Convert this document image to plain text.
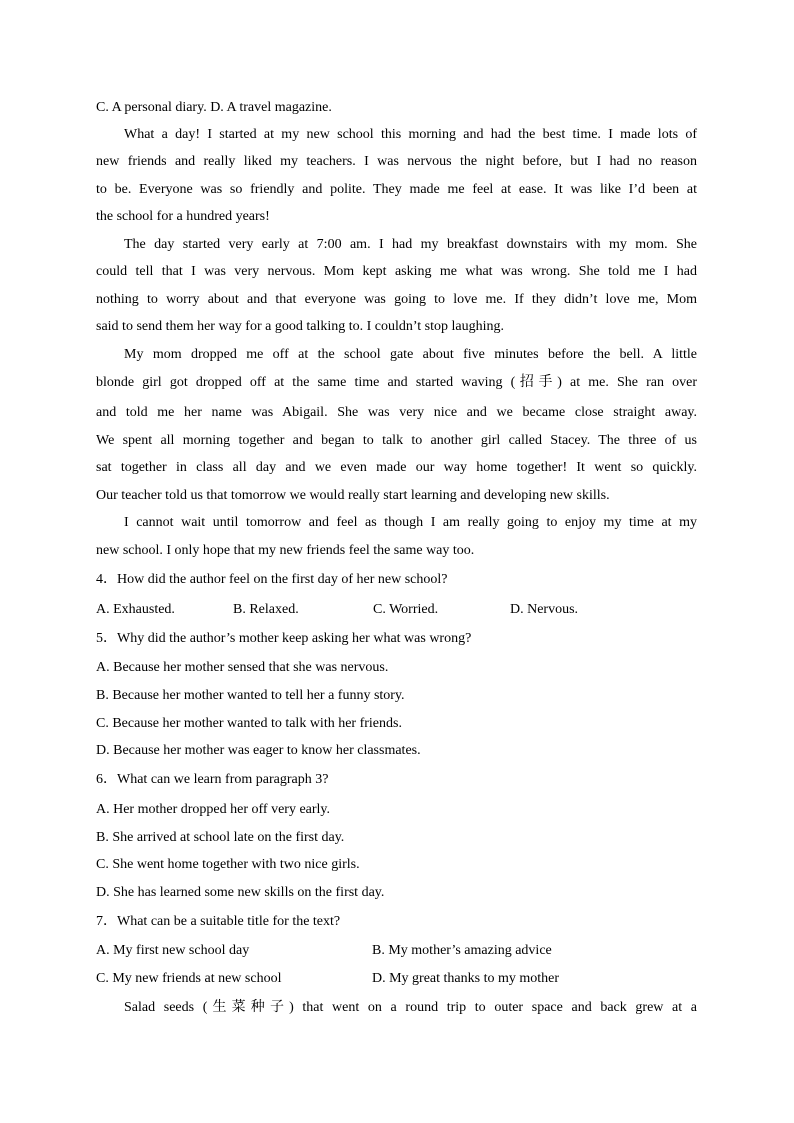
C. A personal diary. D. A travel magazine.
What a day! I started at my new school this morning and had the best time. I made lots of
new friends and really liked my teachers. I was nervous the night before, but I had no reason
to be. Everyone was so friendly and polite. They made me feel at ease. It was like I’d been at
the school for a hundred years!
The day started very early at 7:00 am. I had my breakfast downstairs with my mom. She
could tell that I was very nervous. Mom kept asking me what was wrong. She told me I had
nothing to worry about and that everyone was going to love me. If they didn’t love me, Mom
said to send them her way for a good talking to. I couldn’t stop laughing.
My mom dropped me off at the school gate about five minutes before the bell. A little
blonde girl got dropped off at the same time and started waving (招手) at me. She ran over
and told me her name was Abigail. She was very nice and we became close straight away.
We spent all morning together and began to talk to another girl called Stacey. The three of us
sat together in class all day and we even made our way home together! It went so quickly.
Our teacher told us that tomorrow we would really start learning and developing new skills.
I cannot wait until tomorrow and feel as though I am really going to enjoy my time at my
new school. I only hope that my new friends feel the same way too.
4．How did the author feel on the first day of her new school?
A. Exhausted.	B. Relaxed.	C. Worried.	D. Nervous.
5．Why did the author’s mother keep asking her what was wrong?
A. Because her mother sensed that she was nervous.
B. Because her mother wanted to tell her a funny story.
C. Because her mother wanted to talk with her friends.
D. Because her mother was eager to know her classmates.
6．What can we learn from paragraph 3?
A. Her mother dropped her off very early.
B. She arrived at school late on the first day.
C. She went home together with two nice girls.
D. She has learned some new skills on the first day.
7．What can be a suitable title for the text?
A. My first new school day	B. My mother’s amazing advice
C. My new friends at new school	D. My great thanks to my mother
Salad seeds (生菜种子) that went on a round trip to outer space and back grew at a
